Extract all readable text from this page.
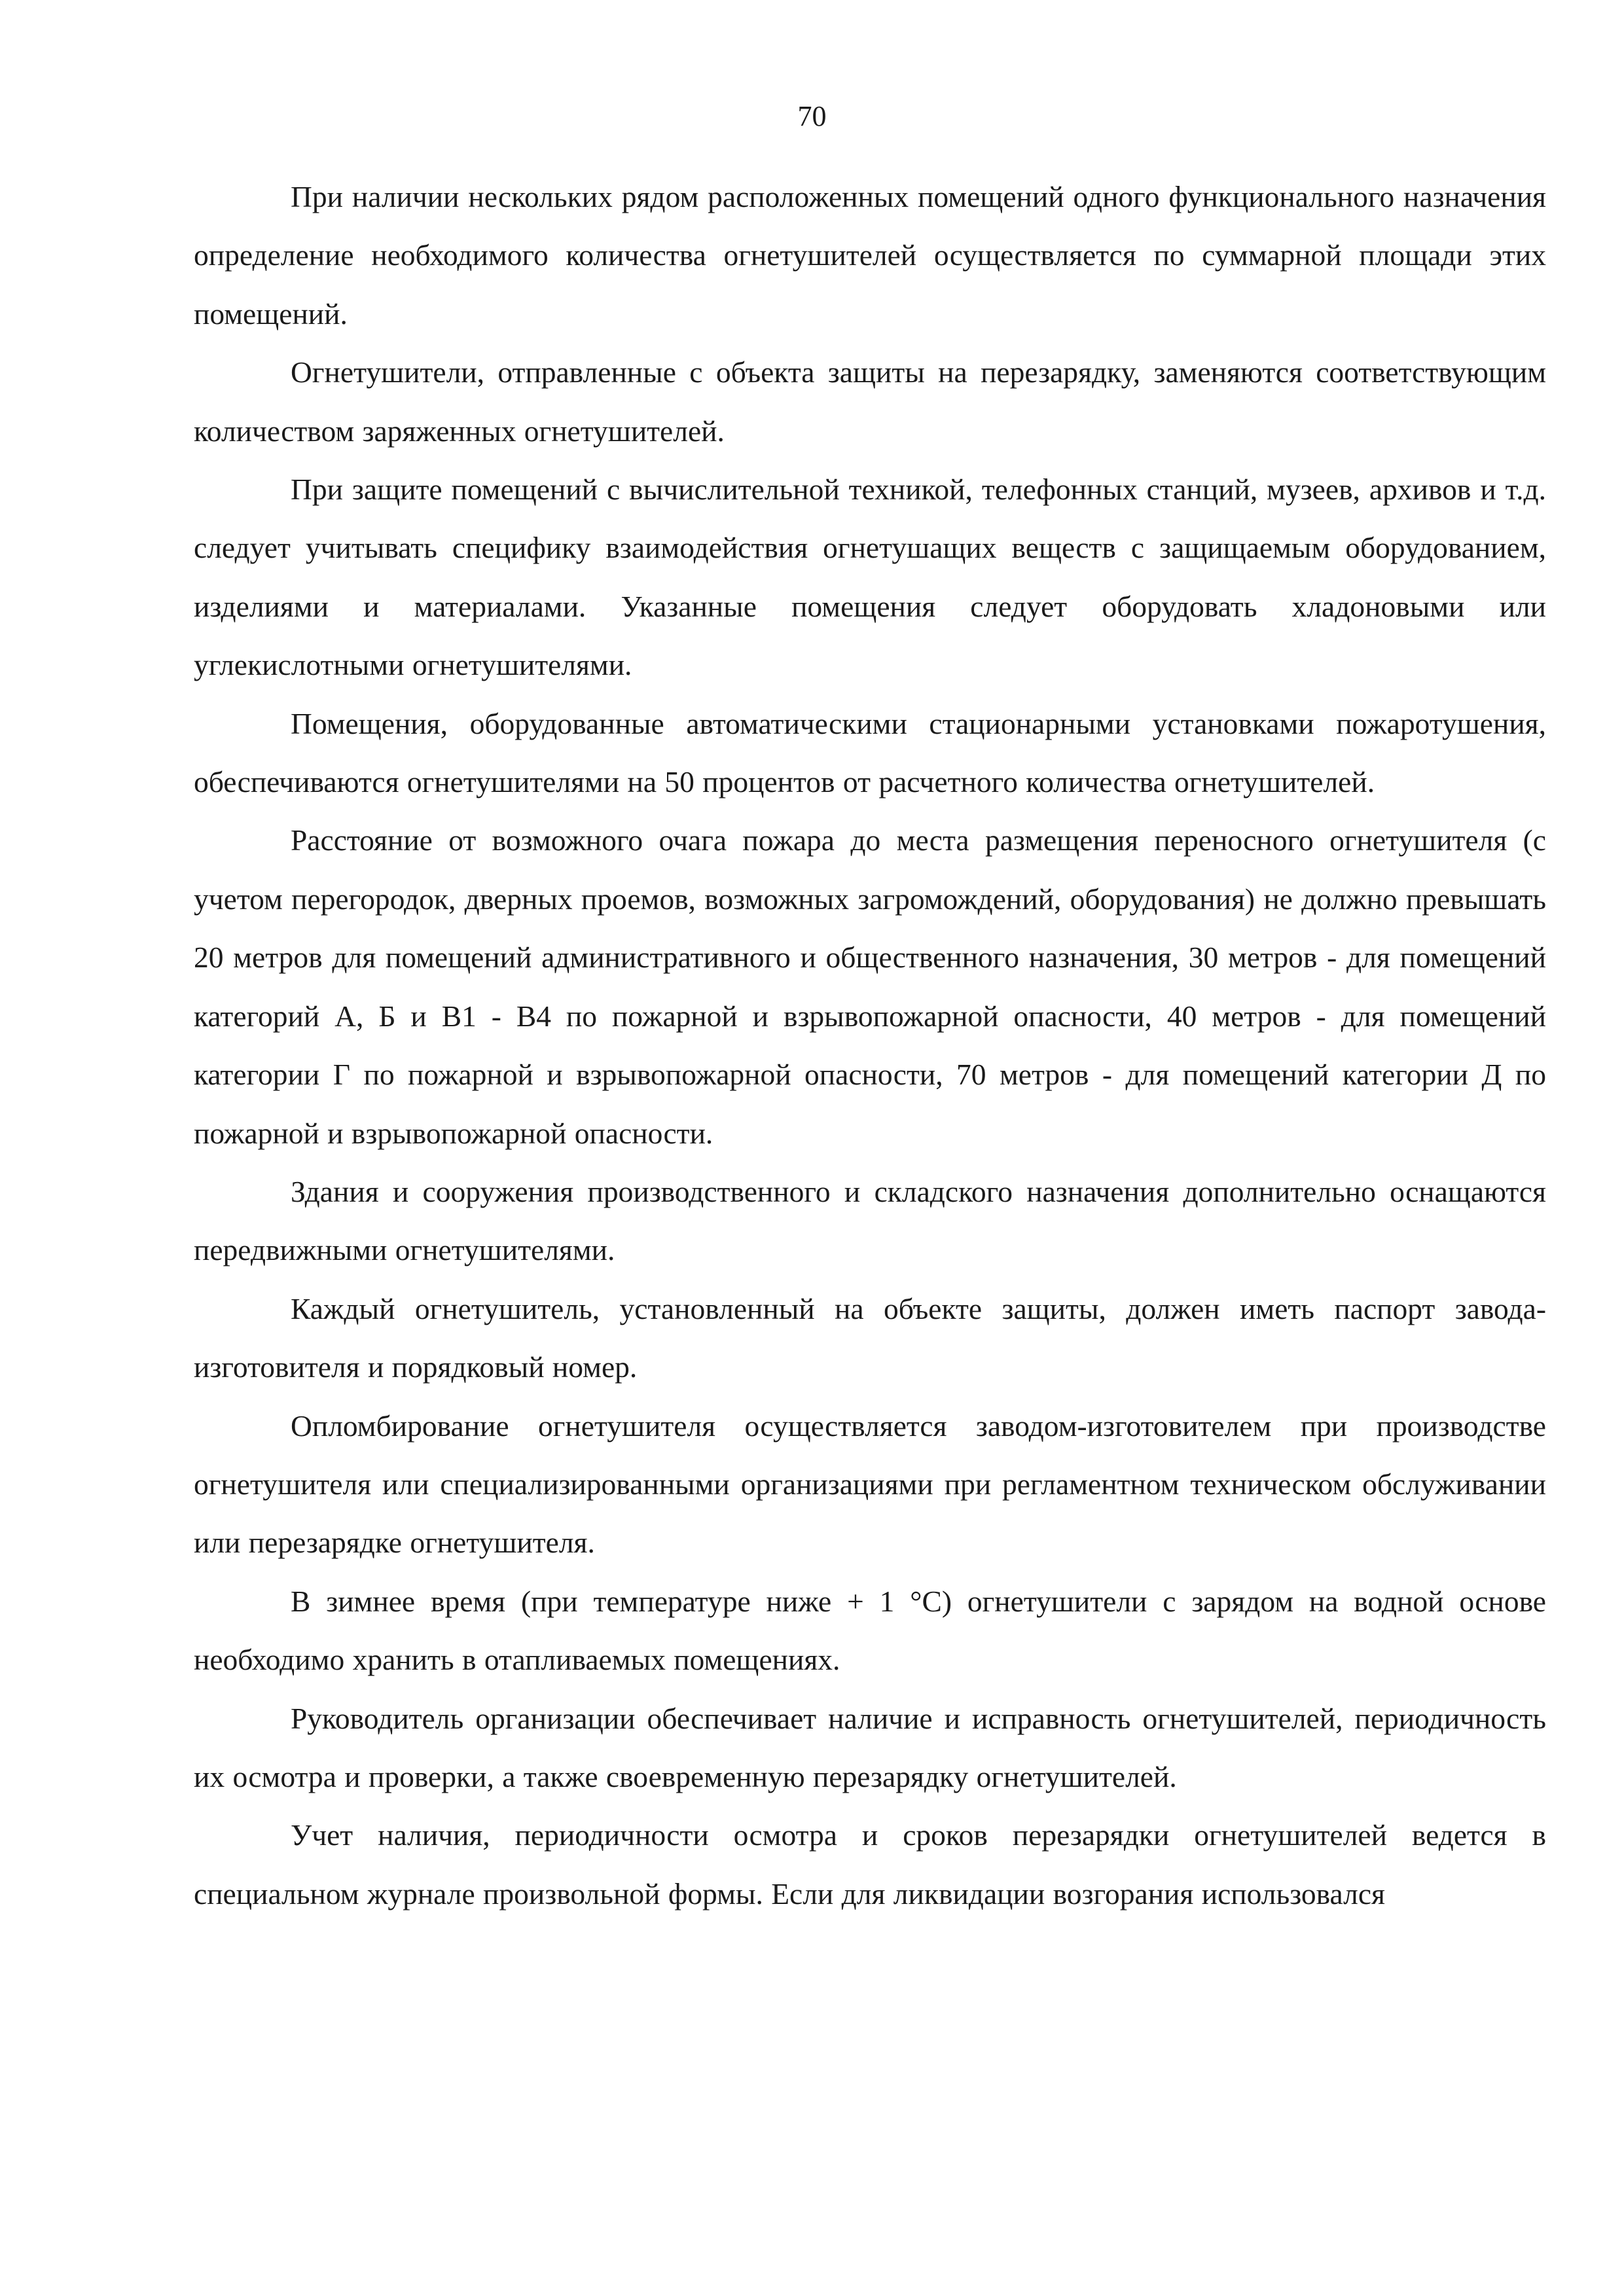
70

При наличии нескольких рядом расположенных помещений одного функционального назначения определение необходимого количества огнетушителей осуществляется по суммарной площади этих помещений.

Огнетушители, отправленные с объекта защиты на перезарядку, заменяются соответствующим количеством заряженных огнетушителей.

При защите помещений с вычислительной техникой, телефонных станций, музеев, архивов и т.д. следует учитывать специфику взаимодействия огнетушащих веществ с защищаемым оборудованием, изделиями и материалами. Указанные помещения следует оборудовать хладоновыми или углекислотными огнетушителями.

Помещения, оборудованные автоматическими стационарными установками пожаротушения, обеспечиваются огнетушителями на 50 процентов от расчетного количества огнетушителей.

Расстояние от возможного очага пожара до места размещения переносного огнетушителя (с учетом перегородок, дверных проемов, возможных загромождений, оборудования) не должно превышать 20 метров для помещений административного и общественного назначения, 30 метров - для помещений категорий А, Б и В1 - В4 по пожарной и взрывопожарной опасности, 40 метров - для помещений категории Г по пожарной и взрывопожарной опасности, 70 метров - для помещений категории Д по пожарной и взрывопожарной опасности.

Здания и сооружения производственного и складского назначения дополнительно оснащаются передвижными огнетушителями.

Каждый огнетушитель, установленный на объекте защиты, должен иметь паспорт завода-изготовителя и порядковый номер.

Опломбирование огнетушителя осуществляется заводом-изготовителем при производстве огнетушителя или специализированными организациями при регламентном техническом обслуживании или перезарядке огнетушителя.

В зимнее время (при температуре ниже + 1 °С) огнетушители с зарядом на водной основе необходимо хранить в отапливаемых помещениях.

Руководитель организации обеспечивает наличие и исправность огнетушителей, периодичность их осмотра и проверки, а также своевременную перезарядку огнетушителей.

Учет наличия, периодичности осмотра и сроков перезарядки огнетушителей ведется в специальном журнале произвольной формы. Если для ликвидации возгорания использовался
